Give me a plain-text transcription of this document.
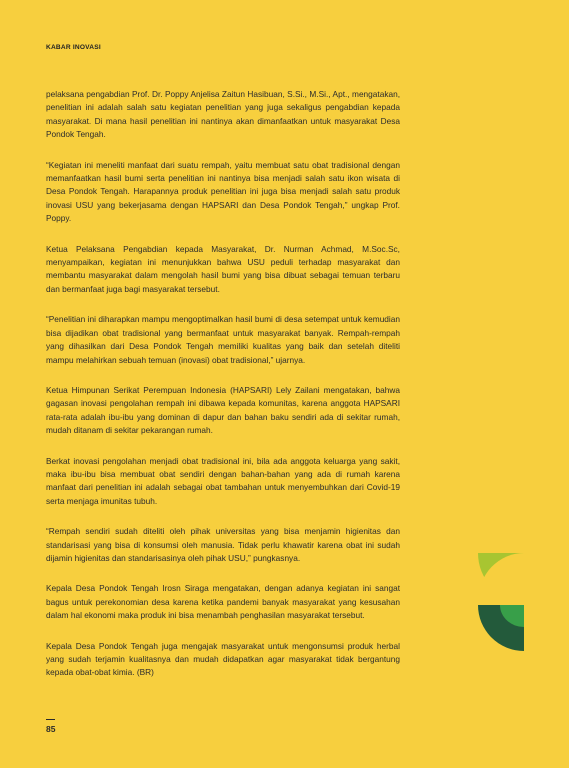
KABAR INOVASI

pelaksana pengabdian Prof. Dr. Poppy Anjelisa Zaitun Hasibuan, S.Si., M.Si., Apt., mengatakan, penelitian ini adalah salah satu kegiatan penelitian yang juga sekaligus pengabdian kepada masyarakat. Di mana hasil penelitian ini nantinya akan dimanfaatkan untuk masyarakat Desa Pondok Tengah.

“Kegiatan ini meneliti manfaat dari suatu rempah, yaitu membuat satu obat tradisional dengan memanfaatkan hasil bumi serta penelitian ini nantinya bisa menjadi salah satu ikon wisata di Desa Pondok Tengah. Harapannya produk penelitian ini juga bisa menjadi salah satu produk inovasi USU yang bekerjasama dengan HAPSARI dan Desa Pondok Tengah,” ungkap Prof. Poppy.

Ketua Pelaksana Pengabdian kepada Masyarakat, Dr. Nurman Achmad, M.Soc.Sc, menyampaikan, kegiatan ini menunjukkan bahwa USU peduli terhadap masyarakat dan membantu masyarakat dalam mengolah hasil bumi yang bisa dibuat sebagai temuan terbaru dan bermanfaat juga bagi masyarakat tersebut.

“Penelitian ini diharapkan mampu mengoptimalkan hasil bumi di desa setempat untuk kemudian bisa dijadikan obat tradisional yang bermanfaat untuk masyarakat banyak. Rempah-rempah yang dihasilkan dari Desa Pondok Tengah memiliki kualitas yang baik dan setelah diteliti mampu melahirkan sebuah temuan (inovasi) obat tradisional,” ujarnya.

Ketua Himpunan Serikat Perempuan Indonesia (HAPSARI) Lely Zailani mengatakan, bahwa gagasan inovasi pengolahan rempah ini dibawa kepada komunitas, karena anggota HAPSARI rata-rata adalah ibu-ibu yang dominan di dapur dan bahan baku sendiri ada di sekitar rumah, mudah ditanam di sekitar pekarangan rumah.

Berkat inovasi pengolahan menjadi obat tradisional ini, bila ada anggota keluarga yang sakit, maka ibu-ibu bisa membuat obat sendiri dengan bahan-bahan yang ada di rumah karena manfaat dari penelitian ini adalah sebagai obat tambahan untuk menyembuhkan dari Covid-19 serta menjaga imunitas tubuh.

“Rempah sendiri sudah diteliti oleh pihak universitas yang bisa menjamin higienitas dan standarisasi yang bisa di konsumsi oleh manusia. Tidak perlu khawatir karena obat ini sudah dijamin higienitas dan standarisasinya oleh pihak USU,” pungkasnya.

Kepala Desa Pondok Tengah Irosn Siraga mengatakan, dengan adanya kegiatan ini sangat bagus untuk perekonomian desa karena ketika pandemi banyak masyarakat yang kesusahan dalam hal ekonomi maka produk ini bisa menambah penghasilan masyarakat tersebut.

Kepala Desa Pondok Tengah juga mengajak masyarakat untuk mengonsumsi produk herbal yang sudah terjamin kualitasnya dan mudah didapatkan agar masyarakat tidak bergantung kepada obat-obat kimia. (BR)

85
